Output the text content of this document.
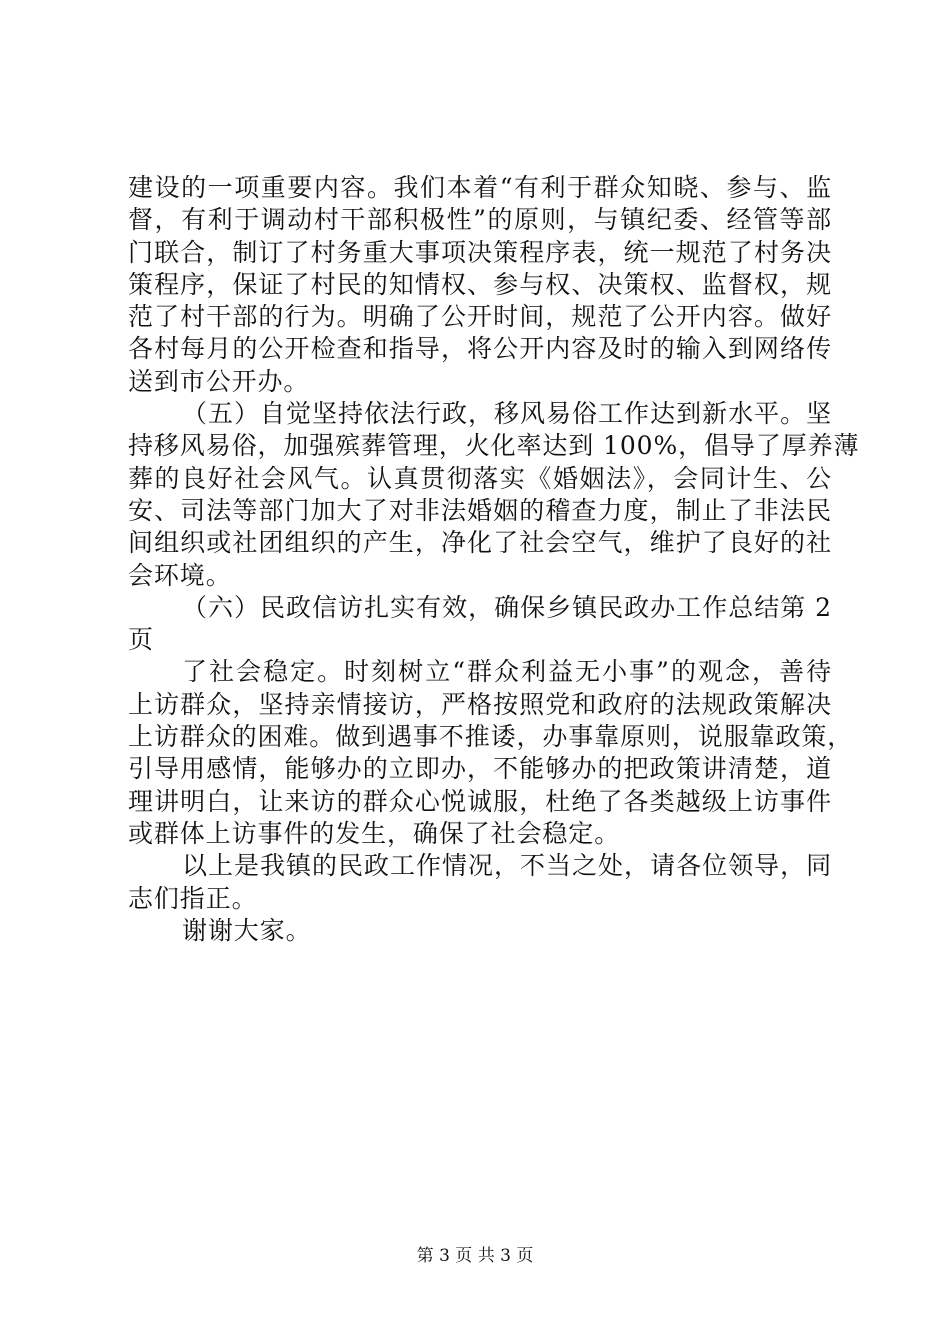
建设的一项重要内容。我们本着“有利于群众知晓、参与、监
督，有利于调动村干部积极性”的原则，与镇纪委、经管等部
门联合，制订了村务重大事项决策程序表，统一规范了村务决
策程序，保证了村民的知情权、参与权、决策权、监督权，规
范了村干部的行为。明确了公开时间，规范了公开内容。做好
各村每月的公开检查和指导，将公开内容及时的输入到网络传
送到市公开办。
（五）自觉坚持依法行政，移风易俗工作达到新水平。坚
持移风易俗，加强殡葬管理，火化率达到 100%，倡导了厚养薄
葬的良好社会风气。认真贯彻落实《婚姻法》，会同计生、公
安、司法等部门加大了对非法婚姻的稽查力度，制止了非法民
间组织或社团组织的产生，净化了社会空气，维护了良好的社
会环境。
（六）民政信访扎实有效，确保乡镇民政办工作总结第 2
页
了社会稳定。时刻树立“群众利益无小事”的观念，善待
上访群众，坚持亲情接访，严格按照党和政府的法规政策解决
上访群众的困难。做到遇事不推诿，办事靠原则，说服靠政策，
引导用感情，能够办的立即办，不能够办的把政策讲清楚，道
理讲明白，让来访的群众心悦诚服，杜绝了各类越级上访事件
或群体上访事件的发生，确保了社会稳定。
以上是我镇的民政工作情况，不当之处，请各位领导，同
志们指正。
谢谢大家。
第 3 页 共 3 页
